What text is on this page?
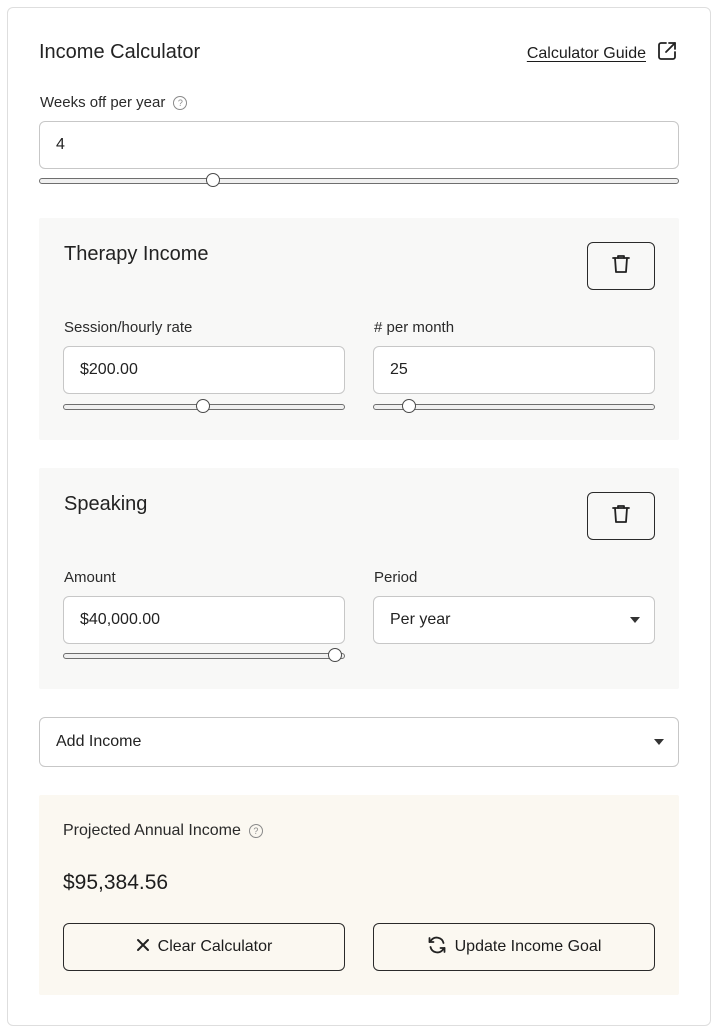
Income Calculator	Calculator Guide
Weeks off per year	?
4
Therapy Income
Session/hourly rate
$200.00
# per month
25
Speaking
Amount
$40,000.00
Period
Per year
Add Income
Projected Annual Income	?
$95,384.56
Clear Calculator	Update Income Goal
